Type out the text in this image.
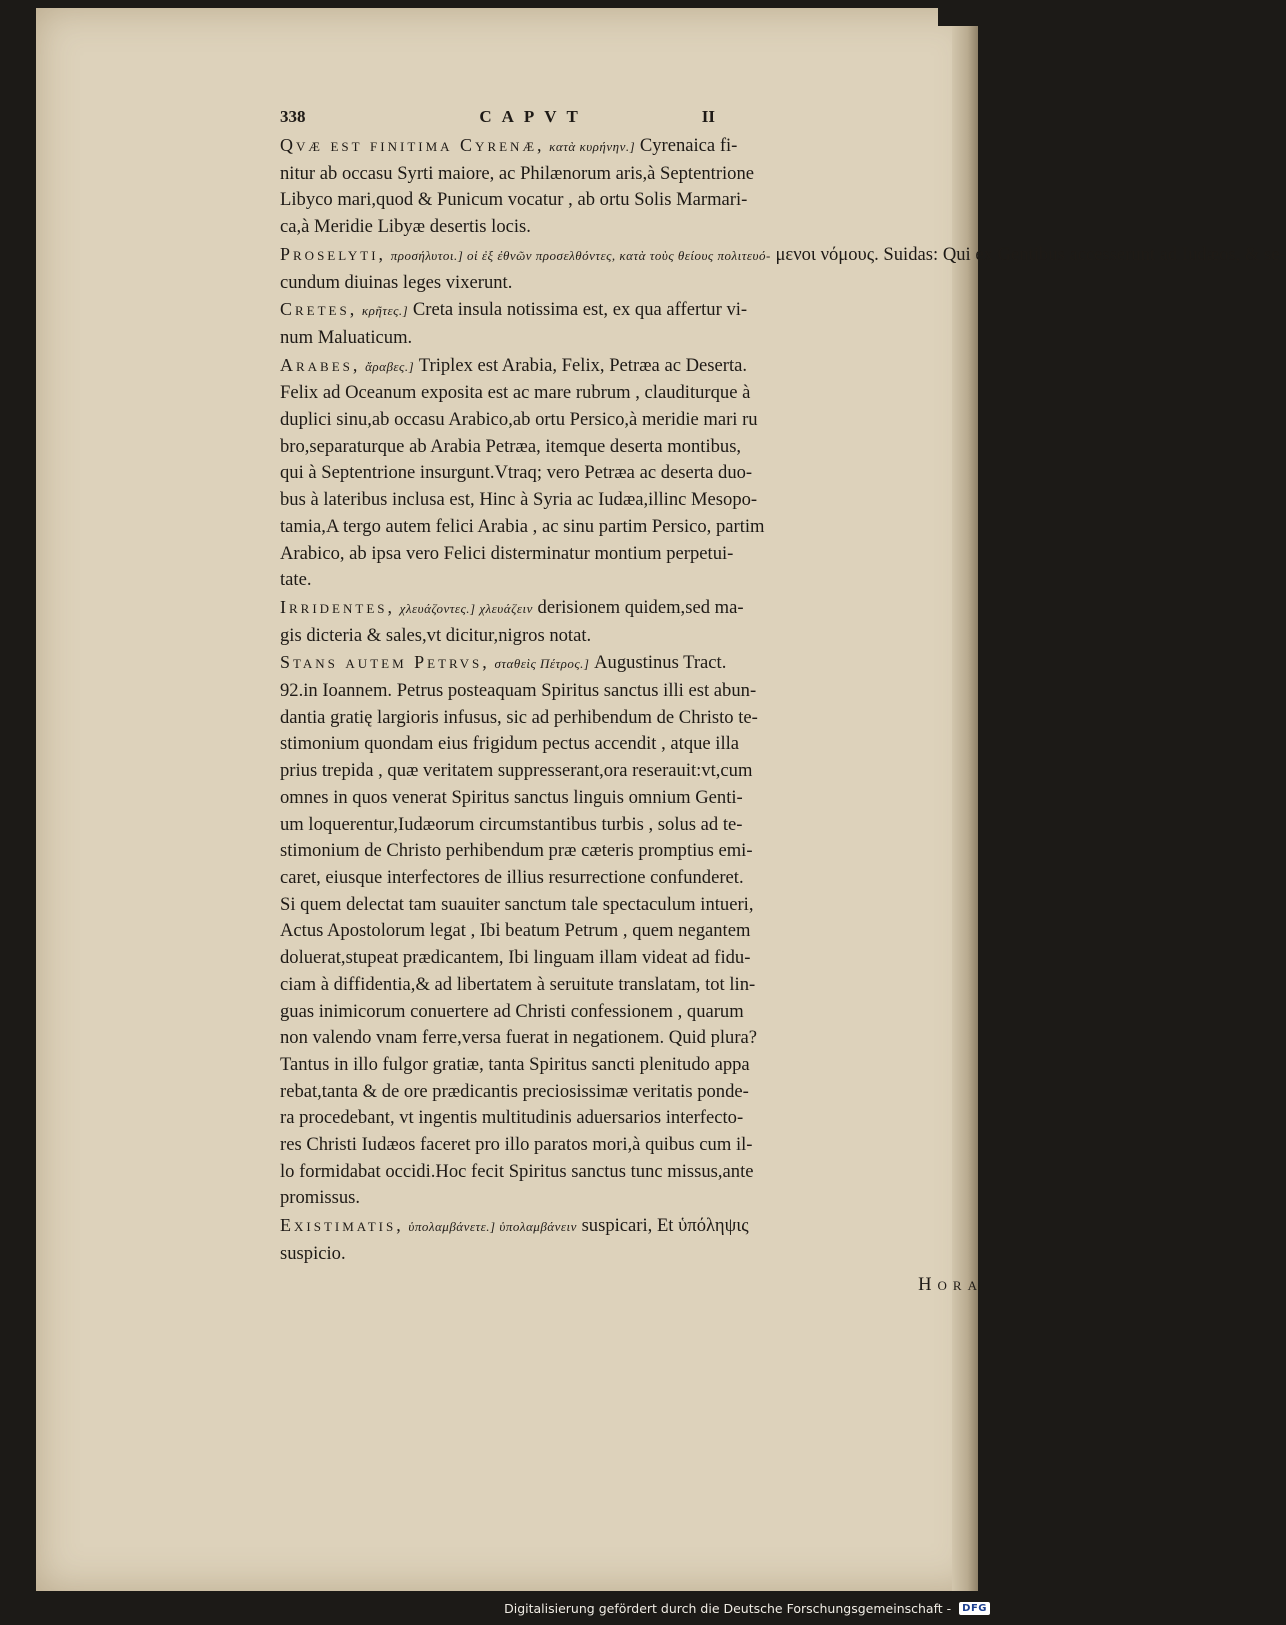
338	CAPVT	II

Qvæ est finitima Cyrenæ, κατὰ κυρήνην.] Cyrenaica fi-
nitur ab occasu Syrti maiore, ac Philænorum aris,à Septentrione
Libyco mari,quod & Punicum vocatur , ab ortu Solis Marmari-
ca,à Meridie Libyæ desertis locis.

Proselyti, προσήλυτοι.] οἱ ἐξ ἐθνῶν προσελθόντες, κατὰ τοὺς θείους πολιτευό- μενοι νόμους. Suidas: Qui ex Gentibus accesserunt ad Iudæos, & se-
cundum diuinas leges vixerunt.

Cretes, κρῆτες.] Creta insula notissima est, ex qua affertur vi-
num Maluaticum.

Arabes, ἄραβες.] Triplex est Arabia, Felix, Petræa ac Deserta.
Felix ad Oceanum exposita est ac mare rubrum , clauditurque à
duplici sinu,ab occasu Arabico,ab ortu Persico,à meridie mari ru
bro,separaturque ab Arabia Petræa, itemque deserta montibus,
qui à Septentrione insurgunt.Vtraq; vero Petræa ac deserta duo-
bus à lateribus inclusa est, Hinc à Syria ac Iudæa,illinc Mesopo-
tamia,A tergo autem felici Arabia , ac sinu partim Persico, partim
Arabico, ab ipsa vero Felici disterminatur montium perpetui-
tate.

Irridentes, χλευάζοντες.] χλευάζειν derisionem quidem,sed ma-
gis dicteria & sales,vt dicitur,nigros notat.

Stans autem Petrvs, σταθεὶς Πέτρος.] Augustinus Tract.
92.in Ioannem. Petrus posteaquam Spiritus sanctus illi est abun-
dantia gratię largioris infusus, sic ad perhibendum de Christo te-
stimonium quondam eius frigidum pectus accendit , atque illa
prius trepida , quæ veritatem suppresserant,ora reserauit:vt,cum
omnes in quos venerat Spiritus sanctus linguis omnium Genti-
um loquerentur,Iudæorum circumstantibus turbis , solus ad te-
stimonium de Christo perhibendum præ cæteris promptius emi-
caret, eiusque interfectores de illius resurrectione confunderet.
Si quem delectat tam suauiter sanctum tale spectaculum intueri,
Actus Apostolorum legat , Ibi beatum Petrum , quem negantem
doluerat,stupeat prædicantem, Ibi linguam illam videat ad fidu-
ciam à diffidentia,& ad libertatem à seruitute translatam, tot lin-
guas inimicorum conuertere ad Christi confessionem , quarum
non valendo vnam ferre,versa fuerat in negationem. Quid plura?
Tantus in illo fulgor gratiæ, tanta Spiritus sancti plenitudo appa
rebat,tanta & de ore prædicantis preciosissimæ veritatis ponde-
ra procedebant, vt ingentis multitudinis aduersarios interfecto-
res Christi Iudæos faceret pro illo paratos mori,à quibus cum il-
lo formidabat occidi.Hoc fecit Spiritus sanctus tunc missus,ante
promissus.

Existimatis, ὑπολαμβάνετε.] ὑπολαμβάνειν suspicari, Et ὑπόληψις
suspicio.

Hora
Digitalisierung gefördert durch die Deutsche Forschungsgemeinschaft -	DFG
